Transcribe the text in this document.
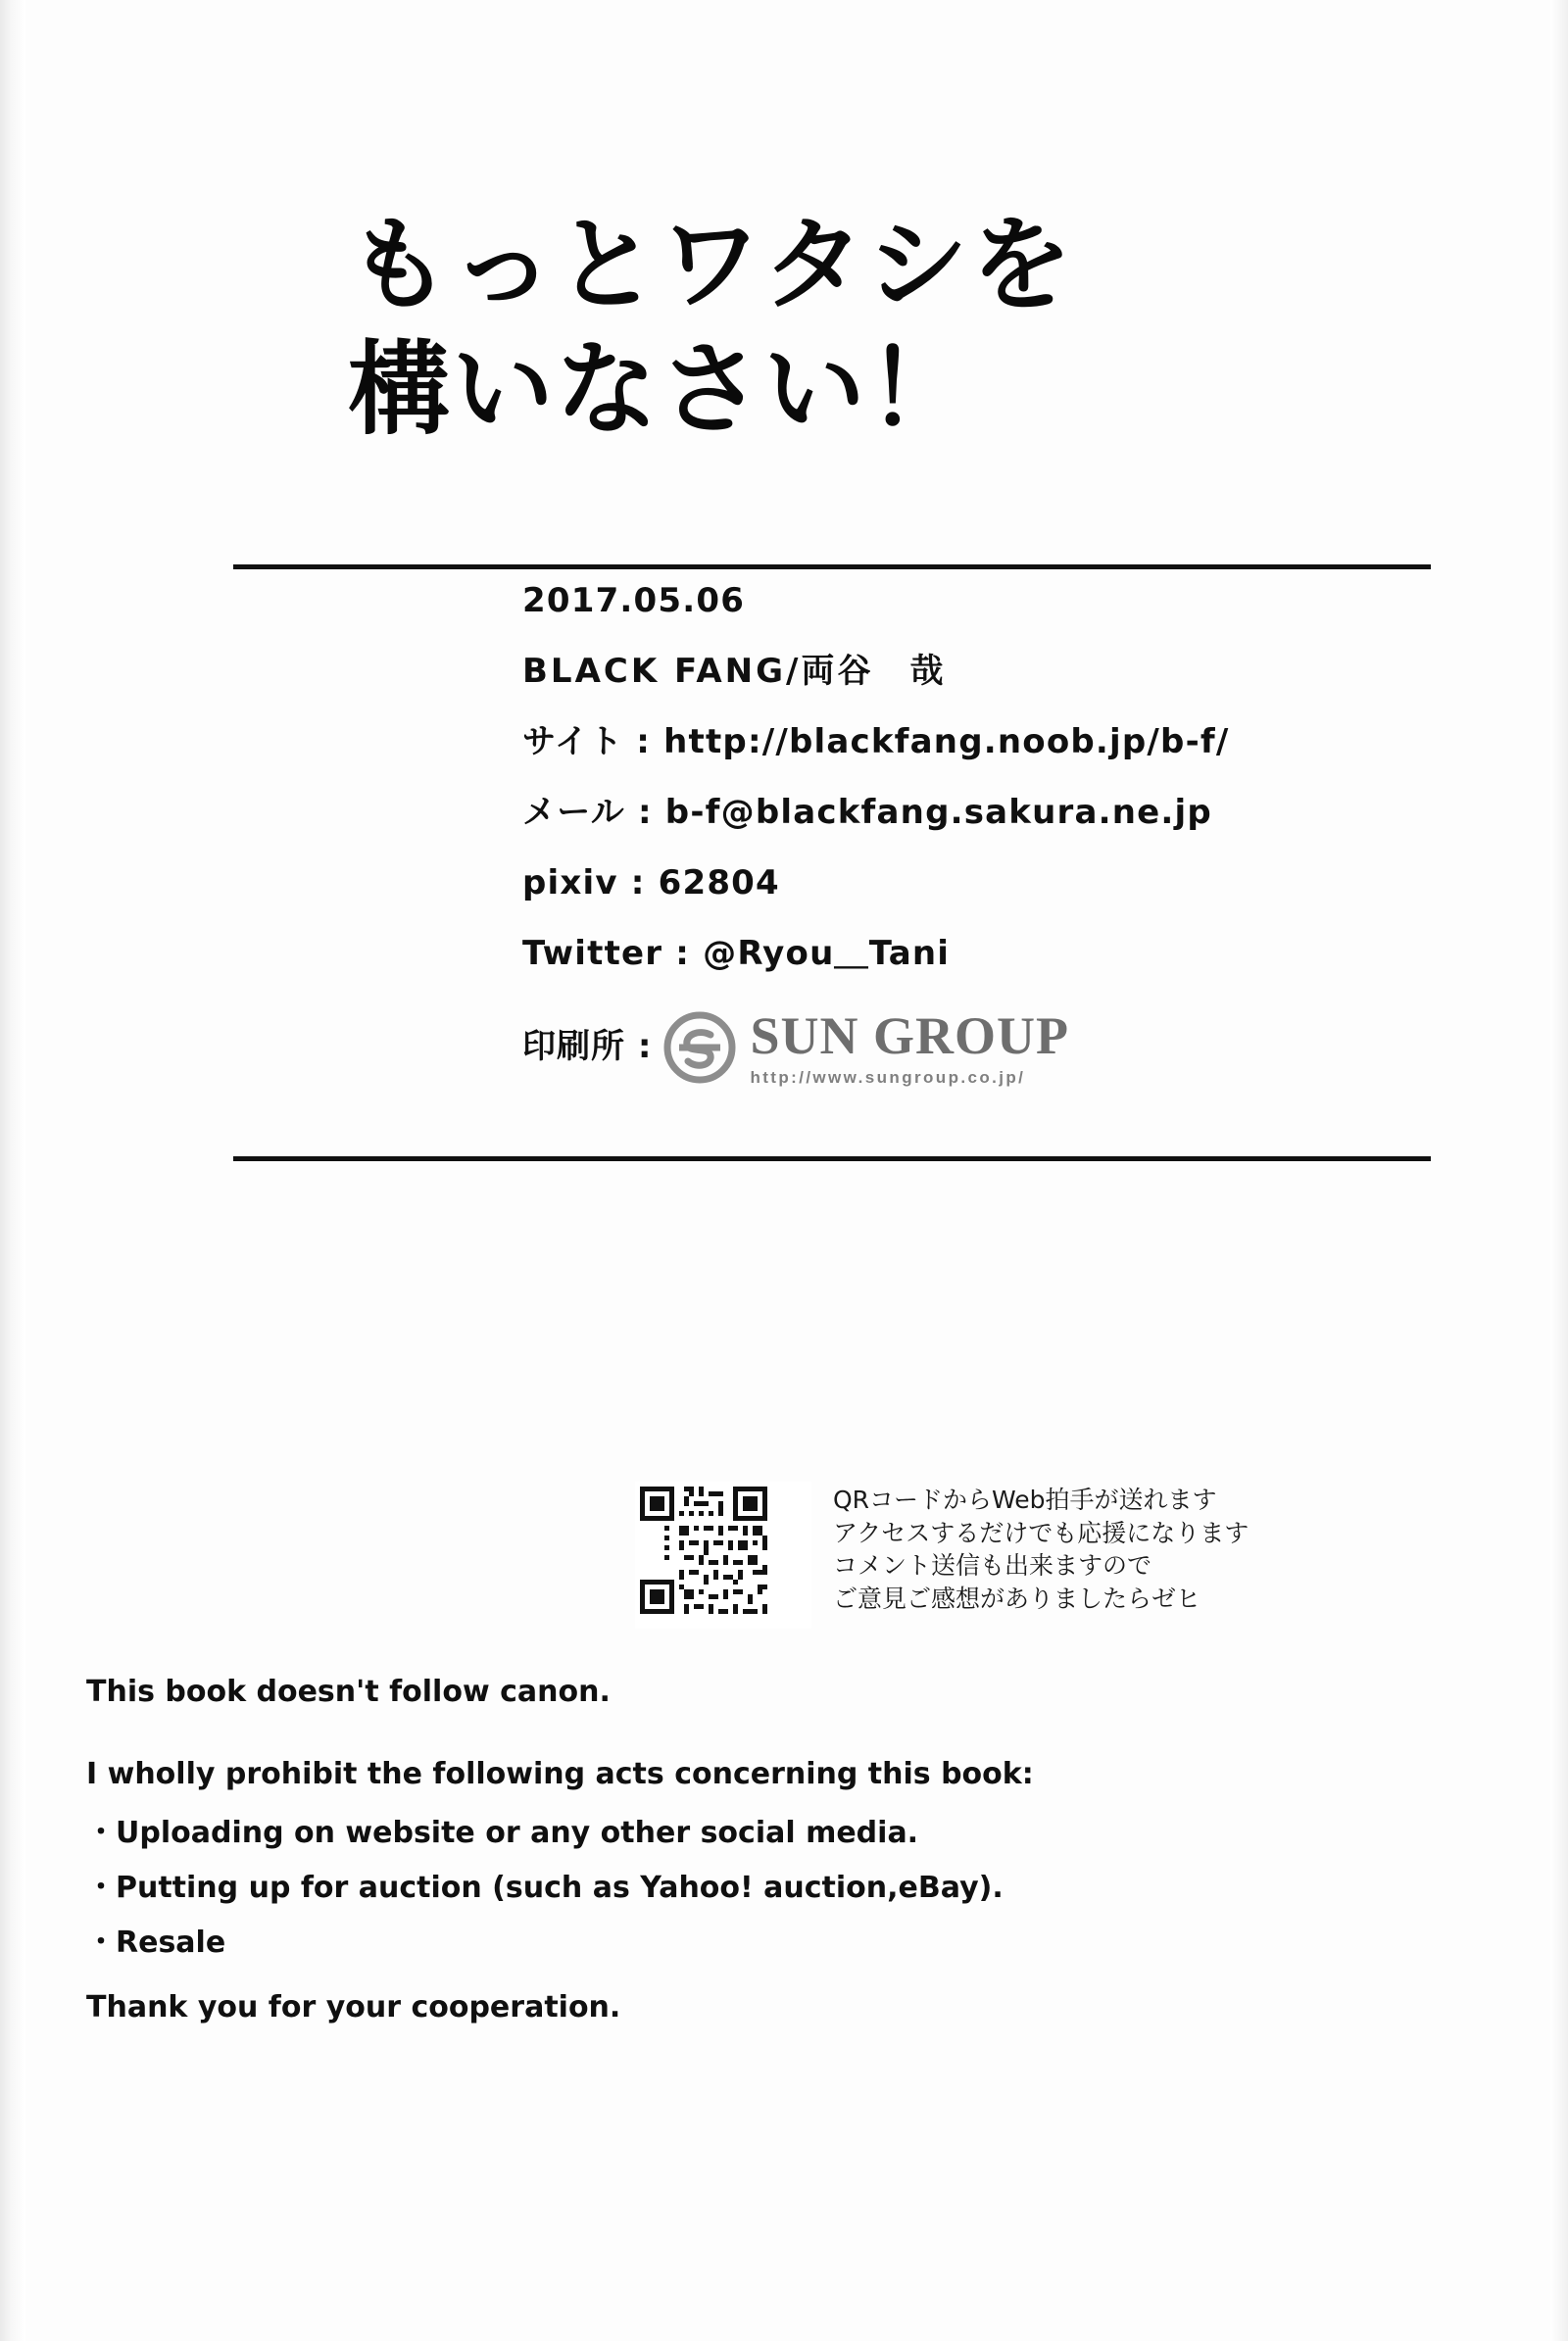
もっとワタシを
構いなさい！
2017.05.06
BLACK FANG/両谷　哉
サイト : http://blackfang.noob.jp/b-f/
メール : b-f@blackfang.sakura.ne.jp
pixiv : 62804
Twitter : @Ryou＿Tani
印刷所 : SUN GROUP
http://www.sungroup.co.jp/
QRコードからWeb拍手が送れます
アクセスするだけでも応援になります
コメント送信も出来ますので
ご意見ご感想がありましたらゼヒ

This book doesn't follow canon.

I wholly prohibit the following acts concerning this book:

・Uploading on website or any other social media.

・Putting up for auction (such as Yahoo! auction,eBay).

・Resale

Thank you for your cooperation.
